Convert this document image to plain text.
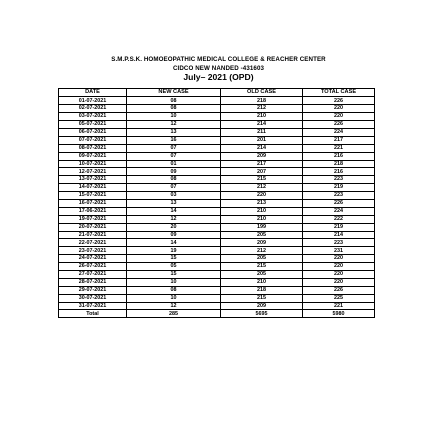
S.M.P.S.K. HOMOEOPATHIC MEDICAL COLLEGE & REACHER CENTER
CIDCO NEW NANDED -431603
July– 2021 (OPD)
DATE	NEW CASE	OLD CASE	TOTAL CASE
01-07-2021	08	218	226
02-07-2021	08	212	220
03-07-2021	10	210	220
05-07-2021	12	214	226
06-07-2021	13	211	224
07-07-2021	16	201	217
08-07-2021	07	214	221
09-07-2021	07	209	216
10-07-2021	01	217	218
12-07-2021	09	207	216
13-07-2021	08	215	223
14-07-2021	07	212	219
15-07-2021	03	220	223
16-07-2021	13	213	226
17-06-2021	14	210	224
19-07-2021	12	210	222
20-07-2021	20	199	219
21-07-2021	09	205	214
22-07-2021	14	209	223
23-07-2021	19	212	231
24-07-2021	15	205	220
26-07-2021	05	215	220
27-07-2021	15	205	220
28-07-2021	10	210	220
29-07-2021	08	218	226
30-07-2021	10	215	225
31-07-2021	12	209	221
Total	285	5695	5980
